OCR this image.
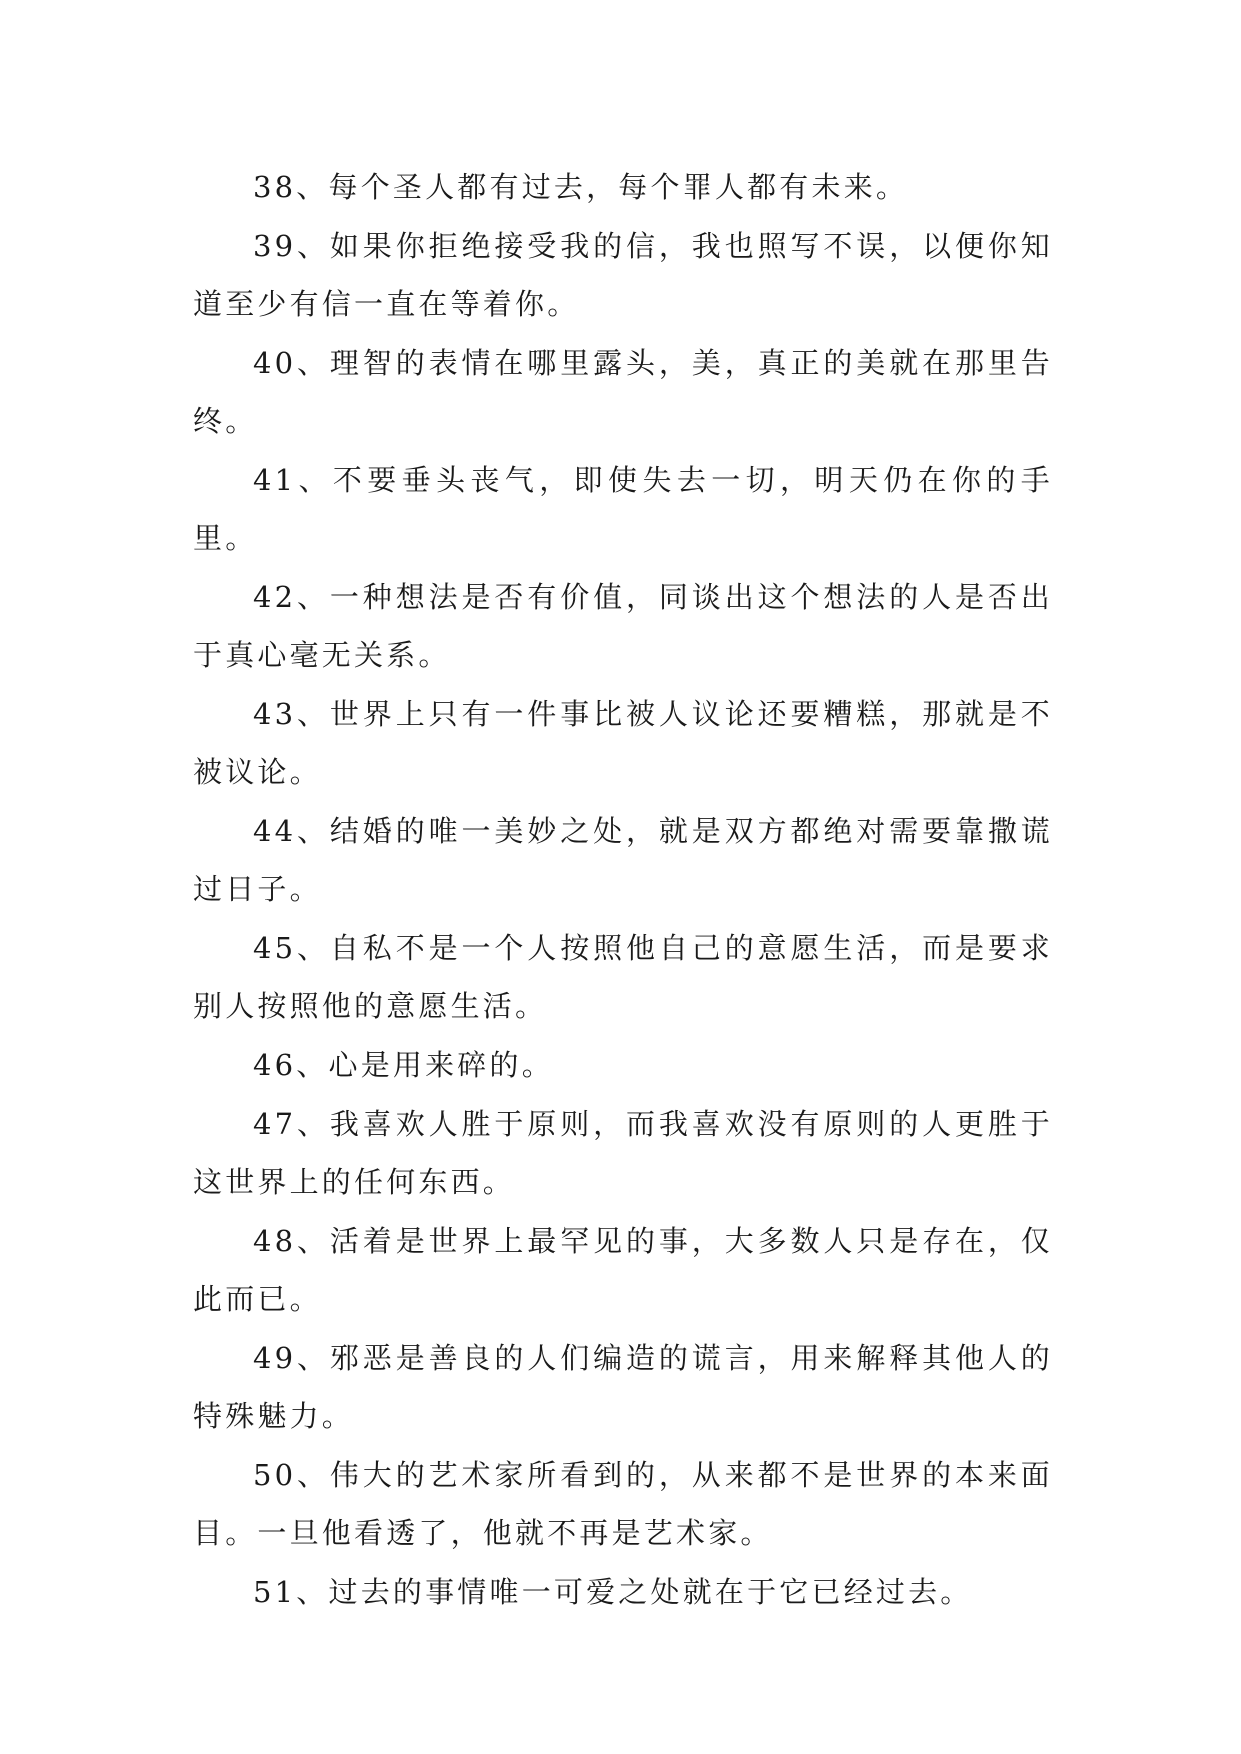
38、每个圣人都有过去，每个罪人都有未来。

39、如果你拒绝接受我的信，我也照写不误，以便你知道至少有信一直在等着你。

40、理智的表情在哪里露头，美，真正的美就在那里告终。

41、不要垂头丧气，即使失去一切，明天仍在你的手里。

42、一种想法是否有价值，同谈出这个想法的人是否出于真心毫无关系。

43、世界上只有一件事比被人议论还要糟糕，那就是不被议论。

44、结婚的唯一美妙之处，就是双方都绝对需要靠撒谎过日子。

45、自私不是一个人按照他自己的意愿生活，而是要求别人按照他的意愿生活。

46、心是用来碎的。

47、我喜欢人胜于原则，而我喜欢没有原则的人更胜于这世界上的任何东西。

48、活着是世界上最罕见的事，大多数人只是存在，仅此而已。

49、邪恶是善良的人们编造的谎言，用来解释其他人的特殊魅力。

50、伟大的艺术家所看到的，从来都不是世界的本来面目。一旦他看透了，他就不再是艺术家。

51、过去的事情唯一可爱之处就在于它已经过去。
